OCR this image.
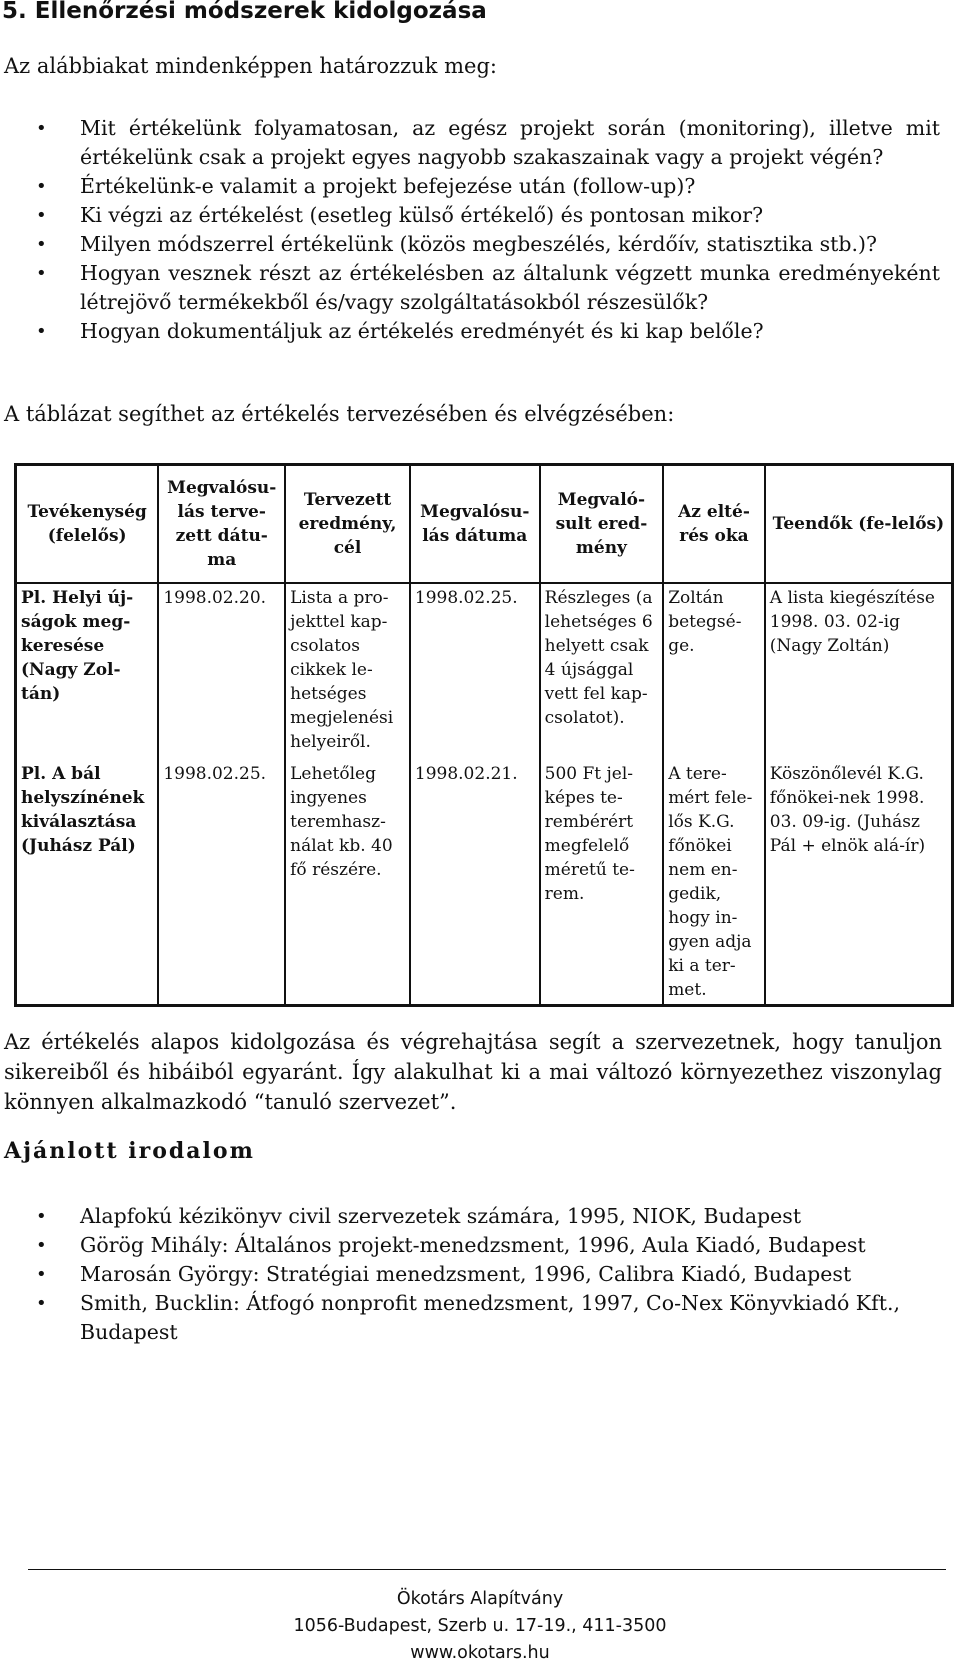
5. Ellenőrzési módszerek kidolgozása

Az alábbiakat mindenképpen határozzuk meg:

• Mit értékelünk folyamatosan, az egész projekt során (monitoring), illetve mit értékelünk csak a projekt egyes nagyobb szakaszainak vagy a projekt végén?
• Értékelünk-e valamit a projekt befejezése után (follow-up)?
• Ki végzi az értékelést (esetleg külső értékelő) és pontosan mikor?
• Milyen módszerrel értékelünk (közös megbeszélés, kérdőív, statisztika stb.)?
• Hogyan vesznek részt az értékelésben az általunk végzett munka eredményeként létrejövő termékekből és/vagy szolgáltatásokból részesülők?
• Hogyan dokumentáljuk az értékelés eredményét és ki kap belőle?

A táblázat segíthet az értékelés tervezésében és elvégzésében:

Tevékenység (felelős)	Megvalósu-lás terve-zett dátu-ma	Tervezett eredmény, cél	Megvalósu-lás dátuma	Megvaló-sult ered-mény	Az elté-rés oka	Teendők (fe-lelős)
Pl. Helyi új-ságok meg-keresése (Nagy Zol-tán)	1998.02.20.	Lista a pro-jekttel kap-csolatos cikkek le-hetséges megjelenési helyeiről.	1998.02.25.	Részleges (a lehetséges 6 helyett csak 4 újsággal vett fel kap-csolatot).	Zoltán betegsé-ge.	A lista kiegészítése 1998. 03. 02-ig (Nagy Zoltán)
Pl. A bál helyszínének kiválasztása (Juhász Pál)	1998.02.25.	Lehetőleg ingyenes teremhasz-nálat kb. 40 fő részére.	1998.02.21.	500 Ft jel-képes te-rembérért megfelelő méretű te-rem.	A tere-mért fele-lős K.G. főnökei nem en-gedik, hogy in-gyen adja ki a ter-met.	Köszönőlevél K.G. főnökei-nek 1998. 03. 09-ig. (Juhász Pál + elnök alá-ír)

Az értékelés alapos kidolgozása és végrehajtása segít a szervezetnek, hogy tanuljon sikereiből és hibáiból egyaránt. Így alakulhat ki a mai változó környezethez viszonylag könnyen alkalmazkodó “tanuló szervezet”.

Ajánlott irodalom
• Alapfokú kézikönyv civil szervezetek számára, 1995, NIOK, Budapest
• Görög Mihály: Általános projekt-menedzsment, 1996, Aula Kiadó, Budapest
• Marosán György: Stratégiai menedzsment, 1996, Calibra Kiadó, Budapest
• Smith, Bucklin: Átfogó nonprofit menedzsment, 1997, Co-Nex Könyvkiadó Kft., Budapest
Ökotárs Alapítvány
1056-Budapest, Szerb u. 17-19., 411-3500
www.okotars.hu
